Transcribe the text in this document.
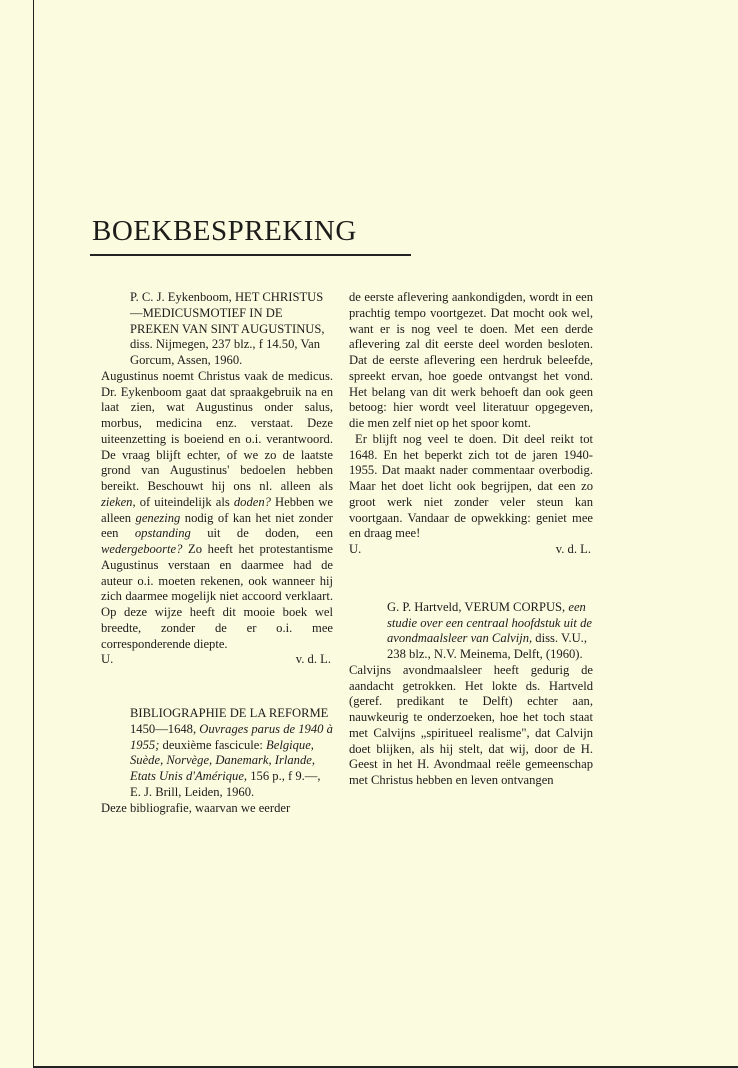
BOEKBESPREKING

P. C. J. Eykenboom, HET CHRISTUS—MEDICUSMOTIEF IN DE PREKEN VAN SINT AUGUSTINUS, diss. Nijmegen, 237 blz., f 14.50, Van Gorcum, Assen, 1960.

Augustinus noemt Christus vaak de medicus. Dr. Eykenboom gaat dat spraakgebruik na en laat zien, wat Augustinus onder salus, morbus, medicina enz. verstaat. Deze uiteenzetting is boeiend en o.i. verantwoord. De vraag blijft echter, of we zo de laatste grond van Augustinus' bedoelen hebben bereikt. Beschouwt hij ons nl. alleen als zieken, of uiteindelijk als doden? Hebben we alleen genezing nodig of kan het niet zonder een opstanding uit de doden, een wedergeboorte? Zo heeft het protestantisme Augustinus verstaan en daarmee had de auteur o.i. moeten rekenen, ook wanneer hij zich daarmee mogelijk niet accoord verklaart. Op deze wijze heeft dit mooie boek wel breedte, zonder de er o.i. mee corresponderende diepte.

U.	v. d. L.

BIBLIOGRAPHIE DE LA REFORME 1450—1648, Ouvrages parus de 1940 à 1955; deuxième fascicule: Belgique, Suède, Norvège, Danemark, Irlande, Etats Unis d'Amérique, 156 p., f 9.—, E. J. Brill, Leiden, 1960.

Deze bibliografie, waarvan we eerder

de eerste aflevering aankondigden, wordt in een prachtig tempo voortgezet. Dat mocht ook wel, want er is nog veel te doen. Met een derde aflevering zal dit eerste deel worden besloten. Dat de eerste aflevering een herdruk beleefde, spreekt ervan, hoe goede ontvangst het vond. Het belang van dit werk behoeft dan ook geen betoog: hier wordt veel literatuur opgegeven, die men zelf niet op het spoor komt.

Er blijft nog veel te doen. Dit deel reikt tot 1648. En het beperkt zich tot de jaren 1940-1955. Dat maakt nader commentaar overbodig. Maar het doet licht ook begrijpen, dat een zo groot werk niet zonder veler steun kan voortgaan. Vandaar de opwekking: geniet mee en draag mee!

U.	v. d. L.

G. P. Hartveld, VERUM CORPUS, een studie over een centraal hoofdstuk uit de avondmaalsleer van Calvijn, diss. V.U., 238 blz., N.V. Meinema, Delft, (1960).

Calvijns avondmaalsleer heeft gedurig de aandacht getrokken. Het lokte ds. Hartveld (geref. predikant te Delft) echter aan, nauwkeurig te onderzoeken, hoe het toch staat met Calvijns „spiritueel realisme", dat Calvijn doet blijken, als hij stelt, dat wij, door de H. Geest in het H. Avondmaal reële gemeenschap met Christus hebben en leven ontvangen
